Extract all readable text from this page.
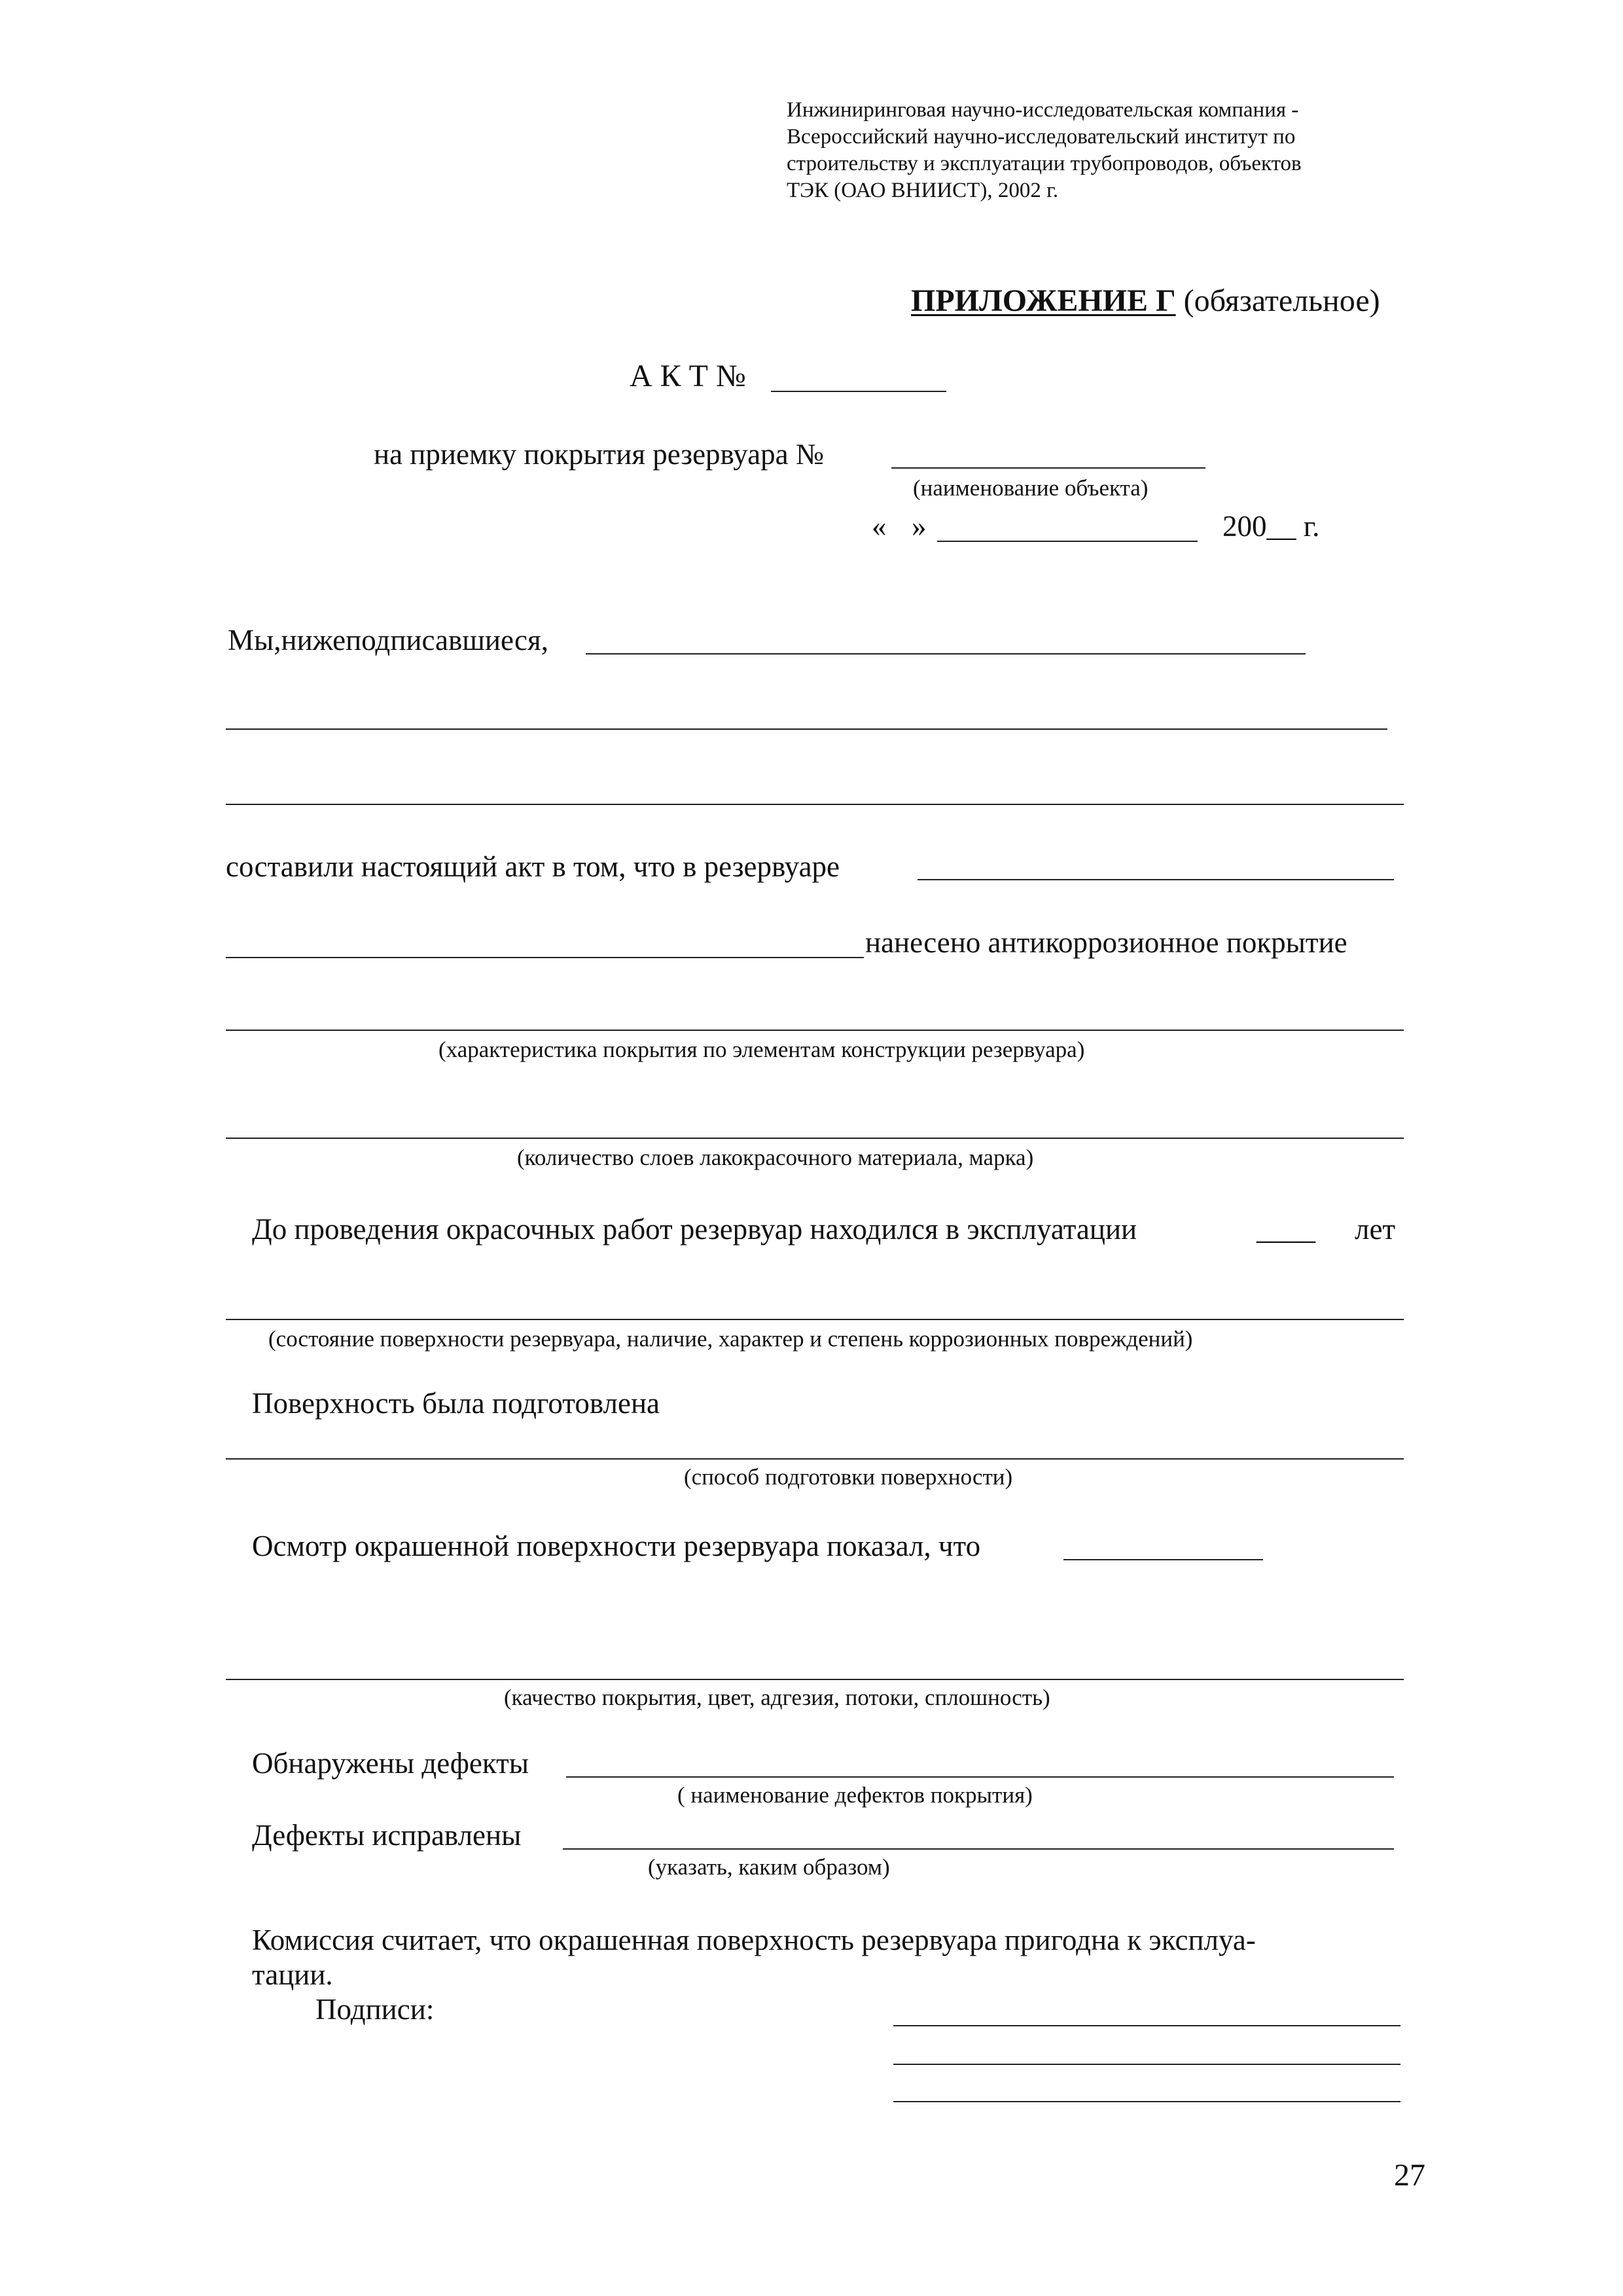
Инжиниринговая научно-исследовательская компания -
Всероссийский научно-исследовательский институт по
строительству и эксплуатации трубопроводов, объектов
ТЭК (ОАО ВНИИСТ), 2002 г.
ПРИЛОЖЕНИЕ Г (обязательное)
А К Т №
на приемку покрытия резервуара №
(наименование объекта)
« »	200__ г.
Мы,нижеподписавшиеся,
составили настоящий акт в том, что в резервуаре
нанесено антикоррозионное покрытие
(характеристика покрытия по элементам конструкции резервуара)
(количество слоев лакокрасочного материала, марка)
До проведения окрасочных работ резервуар находился в эксплуатации	____ лет
(состояние поверхности резервуара, наличие, характер и степень коррозионных повреждений)
Поверхность была подготовлена
(способ подготовки поверхности)
Осмотр окрашенной поверхности резервуара показал, что
(качество покрытия, цвет, адгезия, потоки, сплошность)
Обнаружены дефекты
( наименование дефектов покрытия)
Дефекты исправлены
(указать, каким образом)
Комиссия считает, что окрашенная поверхность резервуара пригодна к эксплуа-
тации.
Подписи:
27
